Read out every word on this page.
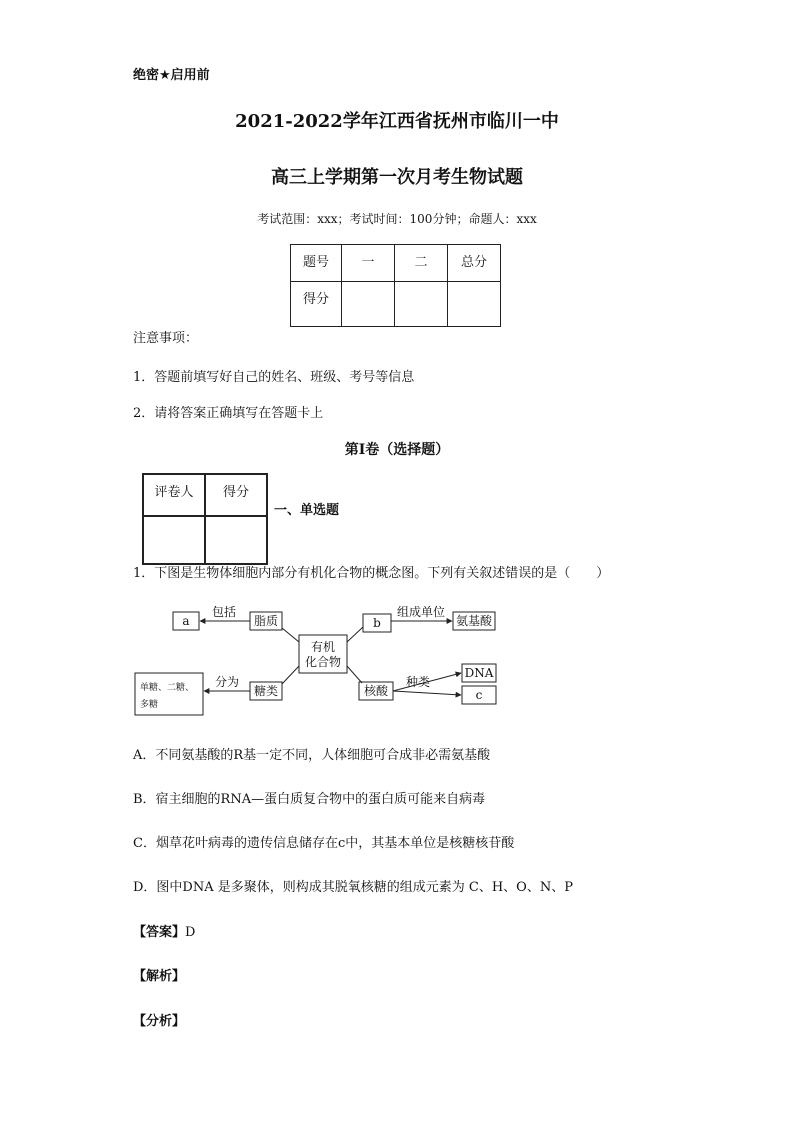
绝密★启用前
2021-2022学年江西省抚州市临川一中
高三上学期第一次月考生物试题
考试范围：xxx；考试时间：100分钟；命题人：xxx
题号	一	二	总分
得分			
注意事项：
1．答题前填写好自己的姓名、班级、考号等信息
2．请将答案正确填写在答题卡上
第I卷（选择题）
评卷人	得分

一、单选题
1．下图是生物体细胞内部分有机化合物的概念图。下列有关叙述错误的是（　　）
a	脂质	b	氨基酸
有机
化合物
糖类	核酸
DNA
c
包括	组成单位
分为	种类
单糖、二糖、
多糖
A．不同氨基酸的R基一定不同，人体细胞可合成非必需氨基酸
B．宿主细胞的RNA—蛋白质复合物中的蛋白质可能来自病毒
C．烟草花叶病毒的遗传信息储存在c中，其基本单位是核糖核苷酸
D．图中DNA 是多聚体，则构成其脱氧核糖的组成元素为 C、H、O、N、P
【答案】D
【解析】
【分析】
